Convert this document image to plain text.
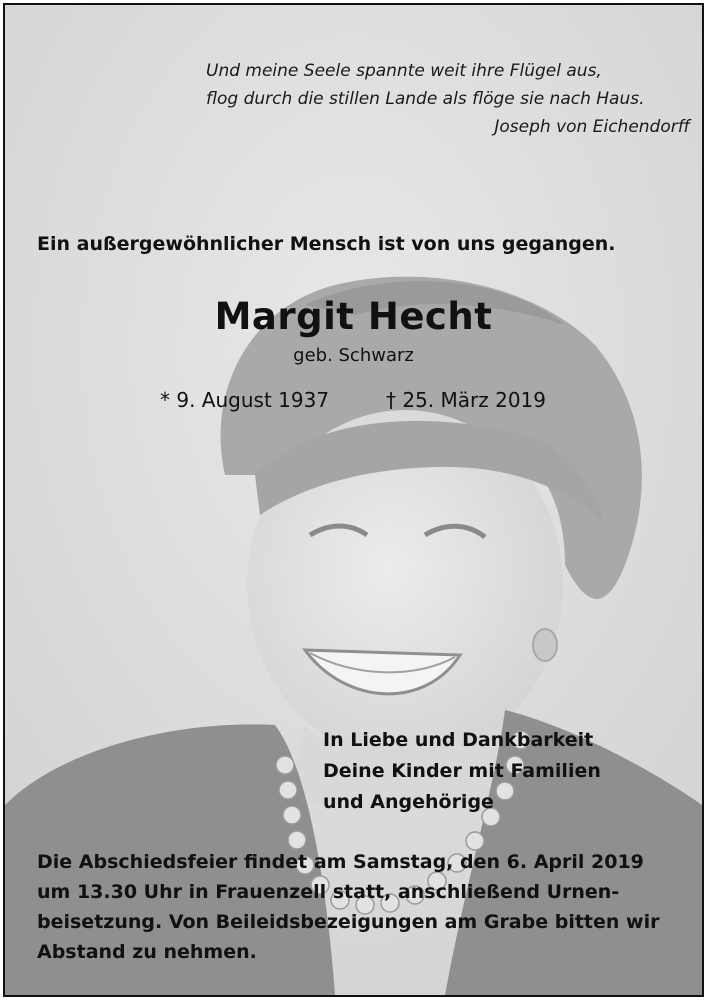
Und meine Seele spannte weit ihre Flügel aus,
flog durch die stillen Lande als flöge sie nach Haus.
Joseph von Eichendorff
Ein außergewöhnlicher Mensch ist von uns gegangen.
Margit Hecht
geb. Schwarz
* 9. August 1937	† 25. März 2019
In Liebe und Dankbarkeit
Deine Kinder mit Familien
und Angehörige
Die Abschiedsfeier findet am Samstag, den 6. April 2019
um 13.30 Uhr in Frauenzell statt, anschließend Urnen-
beisetzung. Von Beileidsbezeigungen am Grabe bitten wir
Abstand zu nehmen.
